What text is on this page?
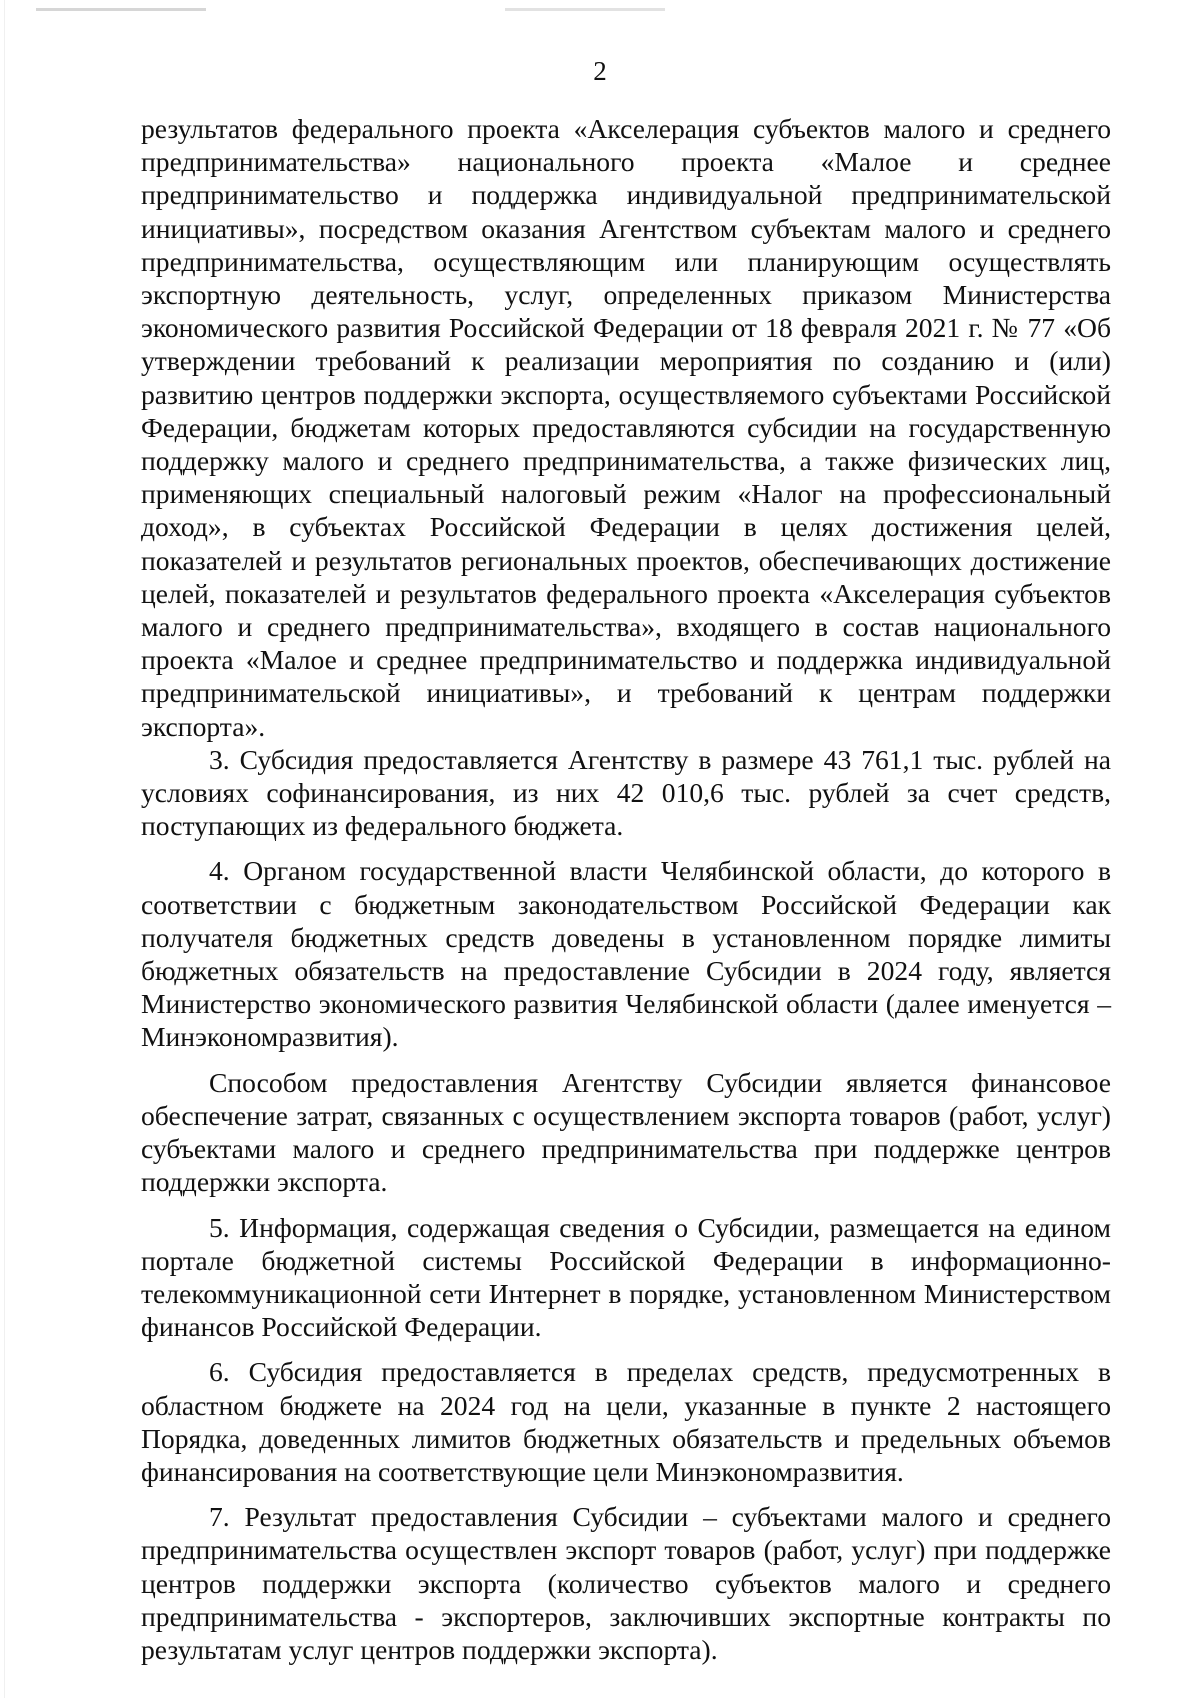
2

результатов федерального проекта «Акселерация субъектов малого и среднего предпринимательства» национального проекта «Малое и среднее предпринимательство и поддержка индивидуальной предпринимательской инициативы», посредством оказания Агентством субъектам малого и среднего предпринимательства, осуществляющим или планирующим осуществлять экспортную деятельность, услуг, определенных приказом Министерства экономического развития Российской Федерации от 18 февраля 2021 г. № 77 «Об утверждении требований к реализации мероприятия по созданию и (или) развитию центров поддержки экспорта, осуществляемого субъектами Российской Федерации, бюджетам которых предоставляются субсидии на государственную поддержку малого и среднего предпринимательства, а также физических лиц, применяющих специальный налоговый режим «Налог на профессиональный доход», в субъектах Российской Федерации в целях достижения целей, показателей и результатов региональных проектов, обеспечивающих достижение целей, показателей и результатов федерального проекта «Акселерация субъектов малого и среднего предпринимательства», входящего в состав национального проекта «Малое и среднее предпринимательство и поддержка индивидуальной предпринимательской инициативы», и требований к центрам поддержки экспорта».

3. Субсидия предоставляется Агентству в размере 43 761,1 тыс. рублей на условиях софинансирования, из них 42 010,6 тыс. рублей за счет средств, поступающих из федерального бюджета.

4. Органом государственной власти Челябинской области, до которого в соответствии с бюджетным законодательством Российской Федерации как получателя бюджетных средств доведены в установленном порядке лимиты бюджетных обязательств на предоставление Субсидии в 2024 году, является Министерство экономического развития Челябинской области (далее именуется – Минэкономразвития).

Способом предоставления Агентству Субсидии является финансовое обеспечение затрат, связанных с осуществлением экспорта товаров (работ, услуг) субъектами малого и среднего предпринимательства при поддержке центров поддержки экспорта.

5. Информация, содержащая сведения о Субсидии, размещается на едином портале бюджетной системы Российской Федерации в информационно-телекоммуникационной сети Интернет в порядке, установленном Министерством финансов Российской Федерации.

6. Субсидия предоставляется в пределах средств, предусмотренных в областном бюджете на 2024 год на цели, указанные в пункте 2 настоящего Порядка, доведенных лимитов бюджетных обязательств и предельных объемов финансирования на соответствующие цели Минэкономразвития.

7. Результат предоставления Субсидии – субъектами малого и среднего предпринимательства осуществлен экспорт товаров (работ, услуг) при поддержке центров поддержки экспорта (количество субъектов малого и среднего предпринимательства - экспортеров, заключивших экспортные контракты по результатам услуг центров поддержки экспорта).
